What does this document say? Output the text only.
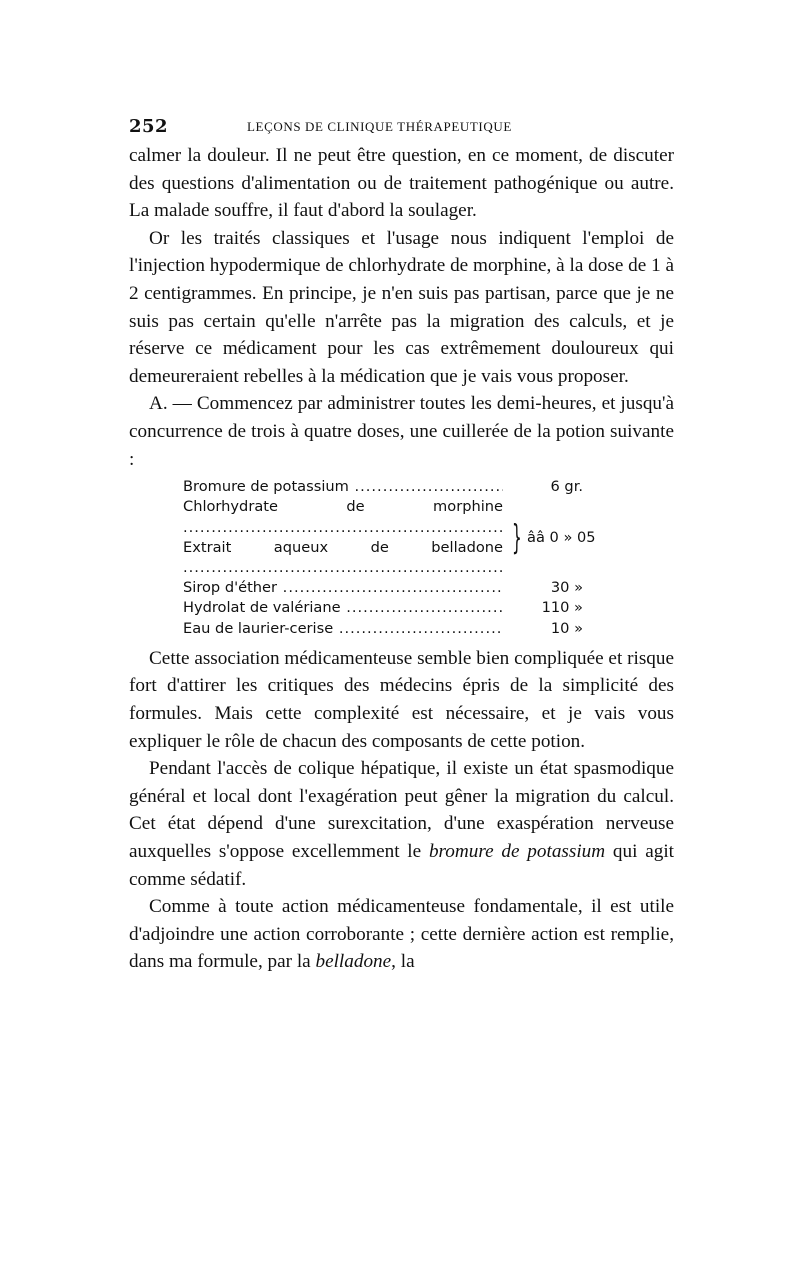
252	LEÇONS DE CLINIQUE THÉRAPEUTIQUE

calmer la douleur. Il ne peut être question, en ce moment, de discuter des questions d'alimentation ou de traitement pathogénique ou autre. La malade souffre, il faut d'abord la soulager.

Or les traités classiques et l'usage nous indiquent l'emploi de l'injection hypodermique de chlorhydrate de morphine, à la dose de 1 à 2 centigrammes. En principe, je n'en suis pas partisan, parce que je ne suis pas certain qu'elle n'arrête pas la migration des calculs, et je réserve ce médicament pour les cas extrêmement douloureux qui demeureraient rebelles à la médication que je vais vous proposer.

A. — Commencez par administrer toutes les demi-heures, et jusqu'à concurrence de trois à quatre doses, une cuillerée de la potion suivante :

Bromure de potassium .....	6 gr.
Chlorhydrate de morphine .....
Extrait aqueux de belladone ..... } ââ 0 » 05
Sirop d'éther .....	30 »
Hydrolat de valériane .....	110 »
Eau de laurier-cerise .....	10 »

Cette association médicamenteuse semble bien compliquée et risque fort d'attirer les critiques des médecins épris de la simplicité des formules. Mais cette complexité est nécessaire, et je vais vous expliquer le rôle de chacun des composants de cette potion.

Pendant l'accès de colique hépatique, il existe un état spasmodique général et local dont l'exagération peut gêner la migration du calcul. Cet état dépend d'une surexcitation, d'une exaspération nerveuse auxquelles s'oppose excellemment le bromure de potassium qui agit comme sédatif.

Comme à toute action médicamenteuse fondamentale, il est utile d'adjoindre une action corroborante ; cette dernière action est remplie, dans ma formule, par la belladone, la
